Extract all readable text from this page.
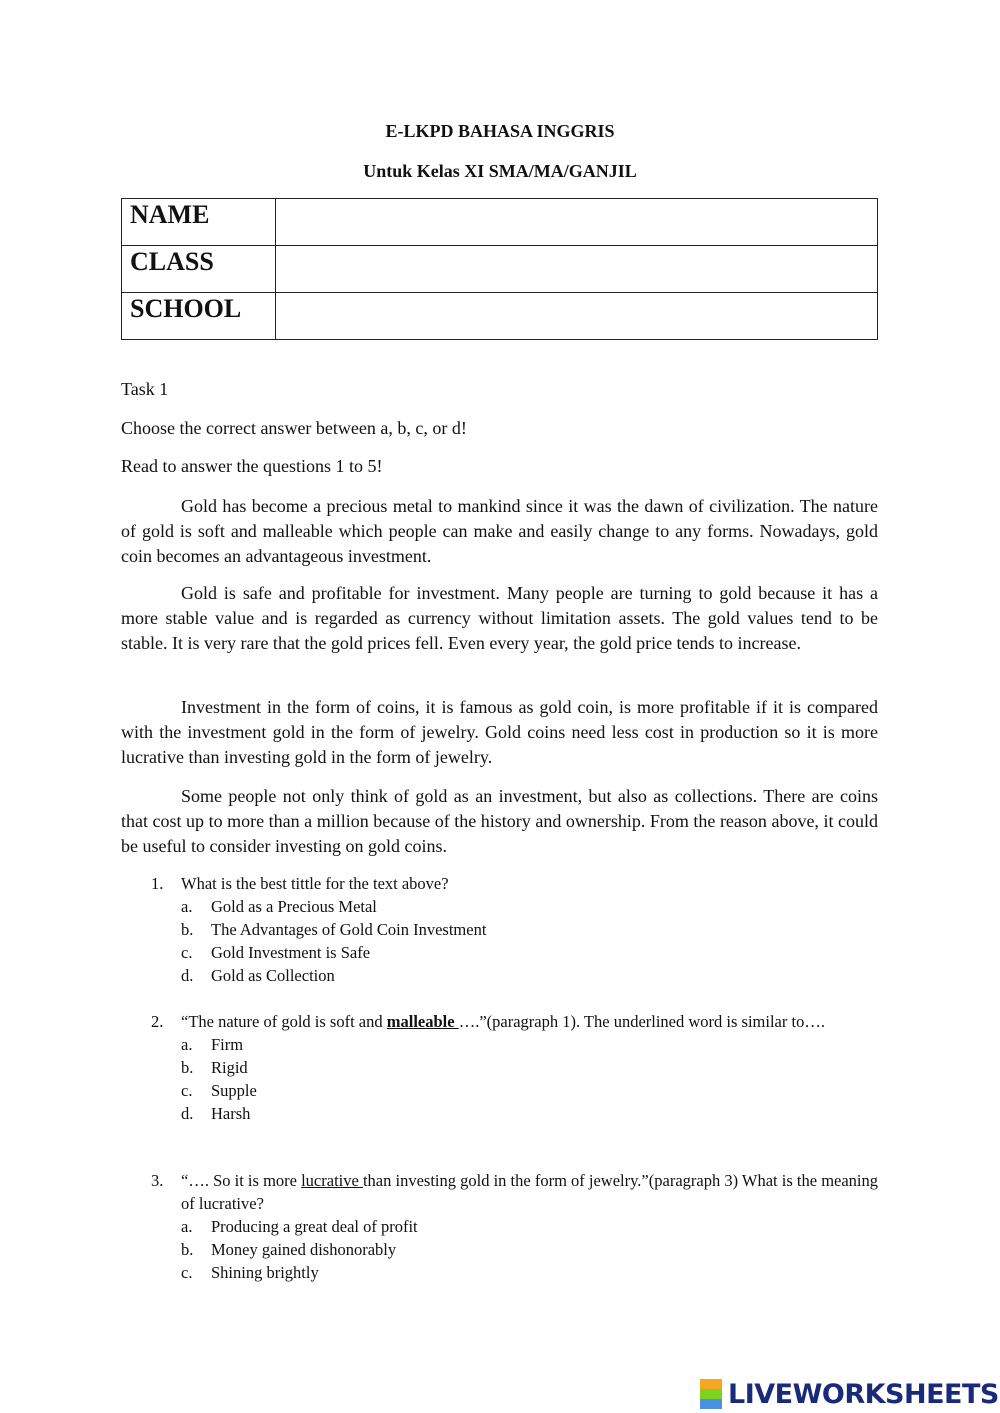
E-LKPD BAHASA INGGRIS
Untuk Kelas XI SMA/MA/GANJIL
NAME	
CLASS	
SCHOOL	
Task 1
Choose the correct answer between a, b, c, or d!
Read to answer the questions 1 to 5!

Gold has become a precious metal to mankind since it was the dawn of civilization. The nature of gold is soft and malleable which people can make and easily change to any forms. Nowadays, gold coin becomes an advantageous investment.

Gold is safe and profitable for investment. Many people are turning to gold because it has a more stable value and is regarded as currency without limitation assets. The gold values tend to be stable. It is very rare that the gold prices fell. Even every year, the gold price tends to increase.

Investment in the form of coins, it is famous as gold coin, is more profitable if it is compared with the investment gold in the form of jewelry. Gold coins need less cost in production so it is more lucrative than investing gold in the form of jewelry.

Some people not only think of gold as an investment, but also as collections. There are coins that cost up to more than a million because of the history and ownership. From the reason above, it could be useful to consider investing on gold coins.

1. What is the best tittle for the text above?
a. Gold as a Precious Metal
b. The Advantages of Gold Coin Investment
c. Gold Investment is Safe
d. Gold as Collection
2. “The nature of gold is soft and malleable ….”(paragraph 1). The underlined word is similar to….
a. Firm
b. Rigid
c. Supple
d. Harsh
3. “…. So it is more lucrative than investing gold in the form of jewelry.”(paragraph 3) What is the meaning of lucrative?
a. Producing a great deal of profit
b. Money gained dishonorably
c. Shining brightly
LIVEWORKSHEETS
